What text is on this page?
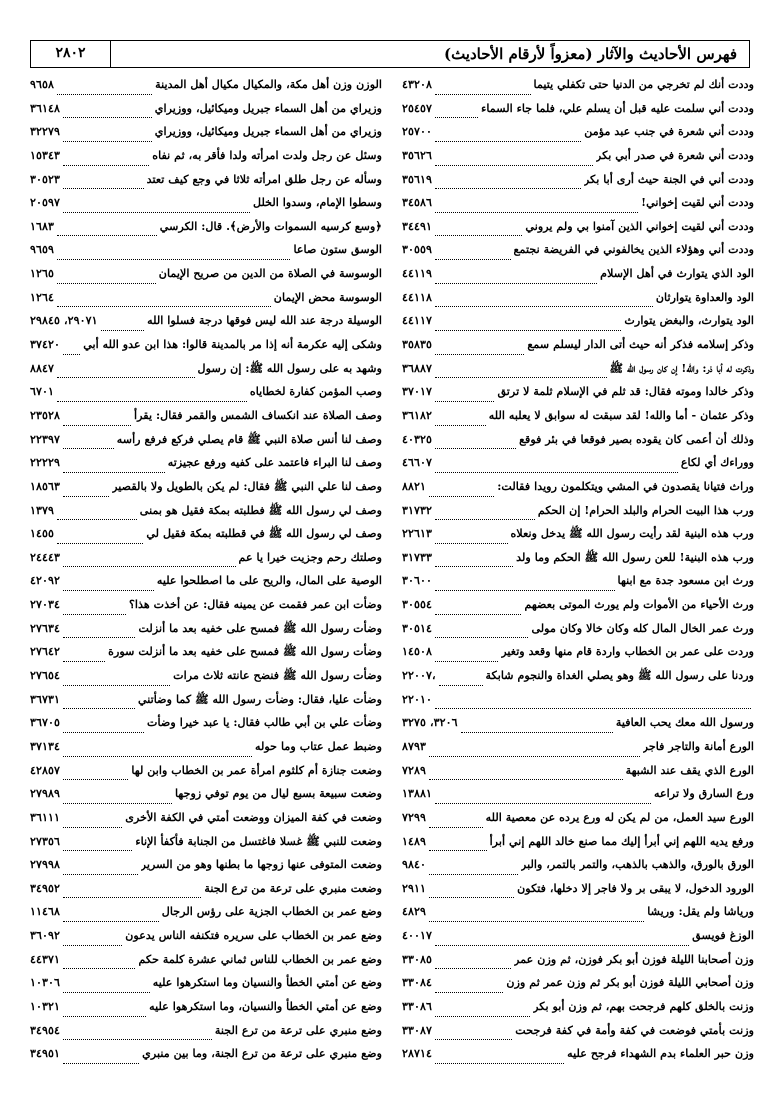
فهرس الأحاديث والآثار (معزواً لأرقام الأحاديث)
٢٨٠٢
وددت أنك لم تخرجي من الدنيا حتى تكفلي يتيما
٤٣٢٠٨
وددت أني سلمت عليه قبل أن يسلم علي، فلما جاء السماء
٢٥٤٥٧
وددت أني شعرة في جنب عبد مؤمن
٢٥٧٠٠
وددت أني شعرة في صدر أبي بكر
٣٥٦٢٦
وددت أني في الجنة حيث أرى أبا بكر
٣٥٦١٩
وددت أني لقيت إخواني!
٣٤٥٨٦
وددت أني لقيت إخواني الذين آمنوا بي ولم يروني
٣٤٤٩١
وددت أني وهؤلاء الذين يخالفوني في الفريضة نجتمع
٣٠٥٥٩
الود الذي يتوارث في أهل الإسلام
٤٤١١٩
الود والعداوة يتوارثان
٤٤١١٨
الود يتوارث، والبغض يتوارث
٤٤١١٧
وذكر إسلامه فذكر أنه حيث أتى الدار ليسلم سمع
٣٥٨٣٥
وذكرت له أبا ذر: والله! إن كان رسول الله ﷺ
٣٦٨٨٧
وذكر خالدا وموته فقال: قد ثلم في الإسلام ثلمة لا ترتق
٣٧٠١٧
وذكر عثمان - أما والله! لقد سبقت له سوابق لا يعلبه الله
٣٦١٨٢
وذلك أن أعمى كان يقوده بصير فوقعا في بئر فوقع
٤٠٣٢٥
ووراءك أي لكاع
٤٦٦٠٧
وراث فتيانا يقصدون في المشي ويتكلمون رويدا فقالت:
٨٨٢١
ورب هذا البيت الحرام والبلد الحرام! إن الحكم
٣١٧٣٢
ورب هذه البنية لقد رأيت رسول الله ﷺ يدخل ونعلاه
٢٢٦١٣
ورب هذه البنية! للعن رسول الله ﷺ الحكم وما ولد
٣١٧٣٣
ورث ابن مسعود جدة مع ابنها
٣٠٦٠٠
ورث الأحياء من الأموات ولم يورث الموتى بعضهم
٣٠٥٥٤
ورث عمر الخال المال كله وكان خالا وكان مولى
٣٠٥١٤
وردت على عمر بن الخطاب واردة قام منها وقعد وتغير
١٤٥٠٨
وردنا على رسول الله ﷺ وهو يصلي الغداة والنجوم شابكة
٢٢٠٠٧،
٢٢٠١٠
ورسول الله معك يحب العافية
٣٢٠٦، ٣٢٧٥
الورع أمانة والتاجر فاجر
٨٧٩٣
الورع الذي يقف عند الشبهة
٧٢٨٩
ورع السارق ولا تراعه
١٣٨٨١
الورع سيد العمل، من لم يكن له ورع يرده عن معصية الله
٧٢٩٩
ورفع يديه اللهم إني أبرأ إليك مما صنع خالد اللهم إني أبرأ
١٤٨٩
الورق بالورق، والذهب بالذهب، والتمر بالتمر، والبر
٩٨٤٠
الورود الدخول، لا يبقى بر ولا فاجر إلا دخلها، فتكون
٢٩١١
ورياشا ولم يقل: وريشا
٤٨٢٩
الوزغ فويسق
٤٠٠١٧
وزن أصحابنا الليلة فوزن أبو بكر فوزن، ثم وزن عمر
٣٣٠٨٥
وزن أصحابي الليلة فوزن أبو بكر ثم وزن عمر ثم وزن
٣٣٠٨٤
وزنت بالخلق كلهم فرجحت بهم، ثم وزن أبو بكر
٣٣٠٨٦
وزنت بأمتي فوضعت في كفة وأمة في كفة فرجحت
٣٣٠٨٧
وزن حبر العلماء بدم الشهداء فرجح عليه
٢٨٧١٤
الوزن وزن أهل مكة، والمكيال مكيال أهل المدينة
٩٦٥٨
وزيراي من أهل السماء جبريل وميكائيل، ووزيراي
٣٦١٤٨
وزيراي من أهل السماء جبريل وميكائيل، ووزيراي
٣٢٢٧٩
وسئل عن رجل ولدت امرأته ولدا فأقر به، ثم نفاه
١٥٣٤٣
وسأله عن رجل طلق امرأته ثلاثا في وجع كيف تعتد
٣٠٥٢٣
وسطوا الإمام، وسدوا الخلل
٢٠٥٩٧
﴿وسع كرسيه السموات والأرض﴾. قال: الكرسي
١٦٨٣
الوسق ستون صاعا
٩٦٥٩
الوسوسة في الصلاة من الدين من صريح الإيمان
١٢٦٥
الوسوسة محض الإيمان
١٢٦٤
الوسيلة درجة عند الله ليس فوقها درجة فسلوا الله
٢٩٠٧١، ٢٩٨٤٥
وشكى إليه عكرمة أنه إذا مر بالمدينة قالوا: هذا ابن عدو الله أبي
٣٧٤٢٠
وشهد به على رسول الله ﷺ: إن رسول
٨٨٤٧
وصب المؤمن كفارة لخطاياه
٦٧٠١
وصف الصلاة عند انكساف الشمس والقمر فقال: يقرأ
٢٣٥٢٨
وصف لنا أنس صلاة النبي ﷺ قام يصلي فركع فرفع رأسه
٢٢٣٩٧
وصف لنا البراء فاعتمد على كفيه ورفع عجيزته
٢٢٢٢٩
وصف لنا علي النبي ﷺ فقال: لم يكن بالطويل ولا بالقصير
١٨٥٦٣
وصف لي رسول الله ﷺ فطلبته بمكة فقيل هو بمنى
١٣٧٩
وصف لي رسول الله ﷺ في قطلبته بمكة فقيل لي
١٤٥٥
وصلتك رحم وجزيت خيرا يا عم
٢٤٤٤٣
الوصية على المال، والريح على ما اصطلحوا عليه
٤٢٠٩٢
وضأت ابن عمر فقمت عن يمينه فقال: عن أخذت هذا؟
٢٧٠٣٤
وضأت رسول الله ﷺ فمسح على خفيه بعد ما أنزلت
٢٧٦٣٤
وضأت رسول الله ﷺ فمسح على خفيه بعد ما أنزلت سورة
٢٧٦٤٢
وضأت رسول الله ﷺ فنضح عانته ثلاث مرات
٢٧٦٥٤
وضأت عليا، فقال: وضأت رسول الله ﷺ كما وضأتني
٣٦٧٣١
وضأت علي بن أبي طالب فقال: يا عبد خيرا وضأت
٣٦٧٠٥
وضبط عمل عتاب وما حوله
٣٧١٣٤
وضعت جنازة أم كلثوم امرأة عمر بن الخطاب وابن لها
٤٢٨٥٧
وضعت سبيعة بسبع ليال من يوم توفي زوجها
٢٧٩٨٩
وضعت في كفة الميزان ووضعت أمتي في الكفة الأخرى
٣٦١١١
وضعت للنبي ﷺ غسلا فاغتسل من الجنابة فأكفأ الإناء
٢٧٣٥٦
وضعت المتوفى عنها زوجها ما بطنها وهو من السرير
٢٧٩٩٨
وضعت منبري على ترعة من ترع الجنة
٣٤٩٥٢
وضع عمر بن الخطاب الجزية على رؤس الرجال
١١٤٦٨
وضع عمر بن الخطاب على سريره فتكنفه الناس يدعون
٣٦٠٩٢
وضع عمر بن الخطاب للناس ثماني عشرة كلمة حكم
٤٤٣٧١
وضع عن أمتي الخطأ والنسيان وما استكرهوا عليه
١٠٣٠٦
وضع عن أمتي الخطأ والنسيان، وما استكرهوا عليه
١٠٣٢١
وضع منبري على ترعة من ترع الجنة
٣٤٩٥٤
وضع منبري على ترعة من ترع الجنة، وما بين منبري
٣٤٩٥١
